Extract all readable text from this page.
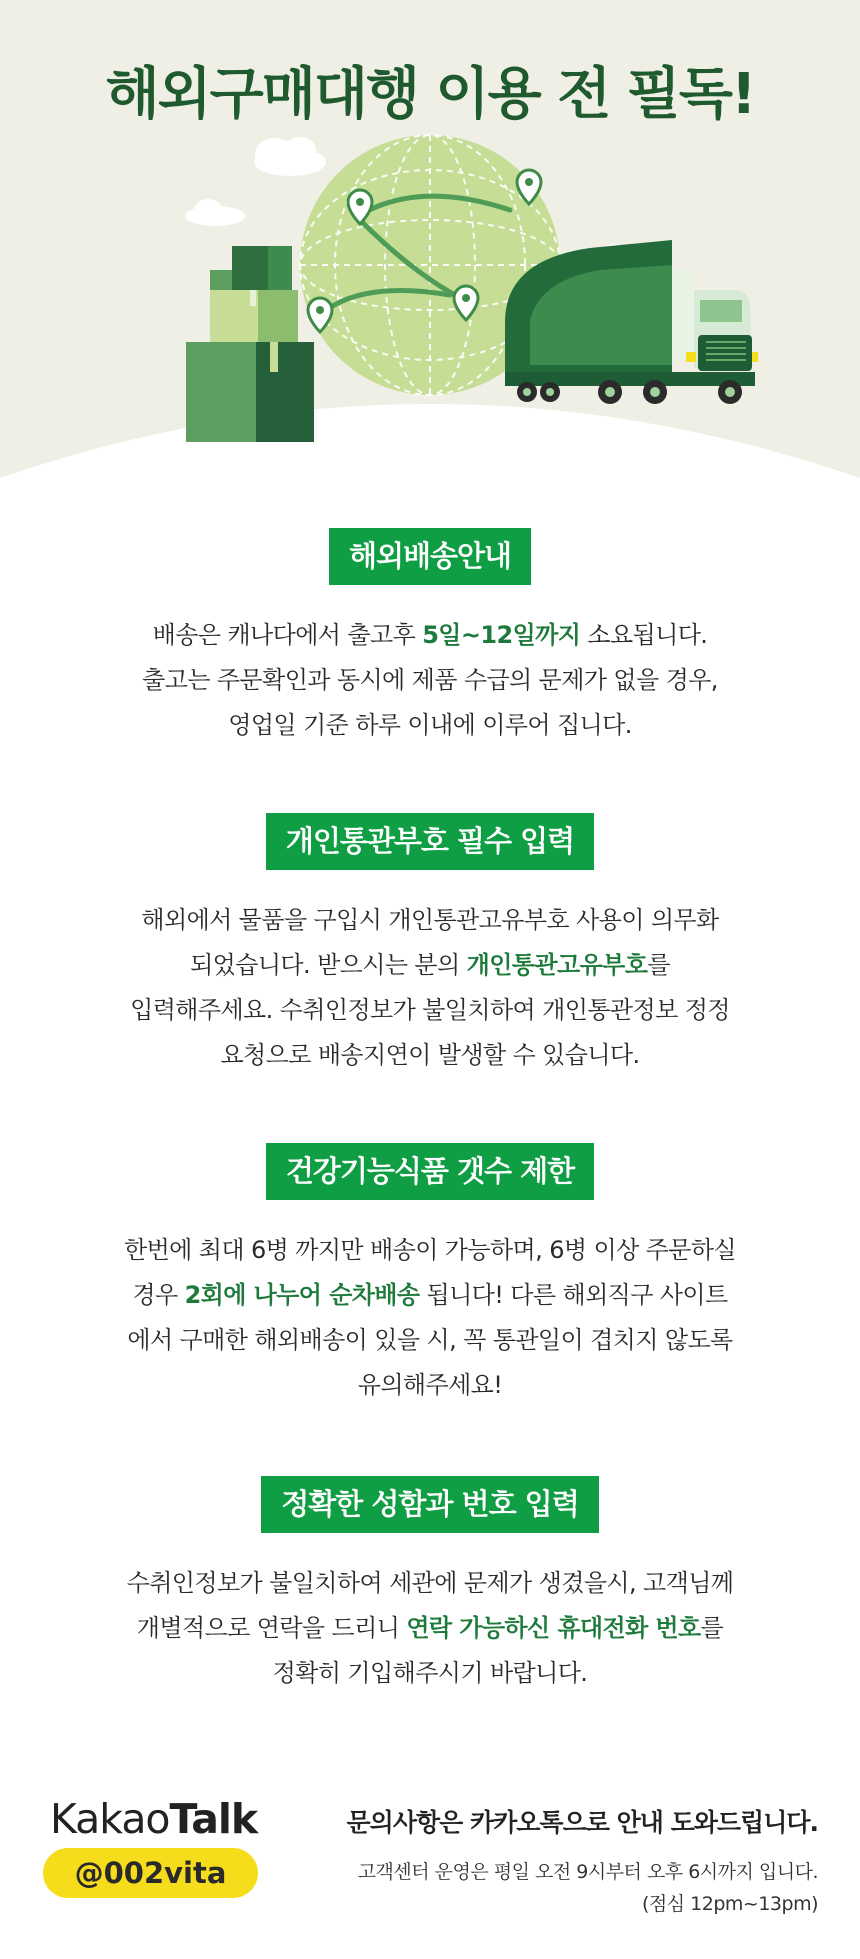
해외구매대행 이용 전 필독!
해외배송안내
배송은 캐나다에서 출고후 5일~12일까지 소요됩니다.
출고는 주문확인과 동시에 제품 수급의 문제가 없을 경우,
영업일 기준 하루 이내에 이루어 집니다.
개인통관부호 필수 입력
해외에서 물품을 구입시 개인통관고유부호 사용이 의무화
되었습니다. 받으시는 분의 개인통관고유부호를
입력해주세요. 수취인정보가 불일치하여 개인통관정보 정정
요청으로 배송지연이 발생할 수 있습니다.
건강기능식품 갯수 제한
한번에 최대 6병 까지만 배송이 가능하며, 6병 이상 주문하실
경우 2회에 나누어 순차배송 됩니다! 다른 해외직구 사이트
에서 구매한 해외배송이 있을 시, 꼭 통관일이 겹치지 않도록
유의해주세요!
정확한 성함과 번호 입력
수취인정보가 불일치하여 세관에 문제가 생겼을시, 고객님께
개별적으로 연락을 드리니 연락 가능하신 휴대전화 번호를
정확히 기입해주시기 바랍니다.
KakaoTalk
@002vita
문의사항은 카카오톡으로 안내 도와드립니다.
고객센터 운영은 평일 오전 9시부터 오후 6시까지 입니다.
(점심 12pm~13pm)
